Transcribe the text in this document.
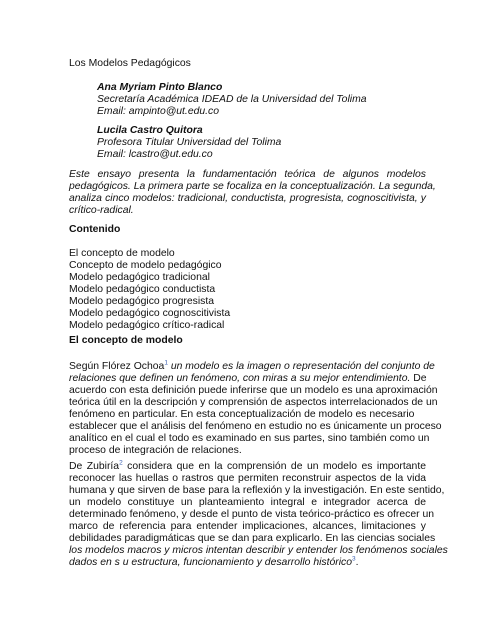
Los Modelos Pedagógicos
Ana Myriam Pinto Blanco
Secretaría Académica IDEAD de la Universidad del Tolima
Email: ampinto@ut.edu.co
Lucila Castro Quitora
Profesora Titular Universidad del Tolima
Email: lcastro@ut.edu.co
Este ensayo presenta la fundamentación teórica de algunos modelos
pedagógicos. La primera parte se focaliza en la conceptualización. La segunda,
analiza cinco modelos: tradicional, conductista, progresista, cognoscitivista, y
crítico-radical.
Contenido
El concepto de modelo
Concepto de modelo pedagógico
Modelo pedagógico tradicional
Modelo pedagógico conductista
Modelo pedagógico progresista
Modelo pedagógico cognoscitivista
Modelo pedagógico crítico-radical
El concepto de modelo
Según Flórez Ochoa$^1$ un modelo es la imagen o representación del conjunto de
relaciones que definen un fenómeno, con miras a su mejor entendimiento. De
acuerdo con esta definición puede inferirse que un modelo es una aproximación
teórica útil en la descripción y comprensión de aspectos interrelacionados de un
fenómeno en particular. En esta conceptualización de modelo es necesario
establecer que el análisis del fenómeno en estudio no es únicamente un proceso
analítico en el cual el todo es examinado en sus partes, sino también como un
proceso de integración de relaciones.
De Zubiría$^2$ considera que en la comprensión de un modelo es importante
reconocer las huellas o rastros que permiten reconstruir aspectos de la vida
humana y que sirven de base para la reflexión y la investigación. En este sentido,
un modelo constituye un planteamiento integral e integrador acerca de
determinado fenómeno, y desde el punto de vista teórico-práctico es ofrecer un
marco de referencia para entender implicaciones, alcances, limitaciones y
debilidades paradigmáticas que se dan para explicarlo. En las ciencias sociales
los modelos macros y micros intentan describir y entender los fenómenos sociales
dados en s u estructura, funcionamiento y desarrollo histórico$^3$.
